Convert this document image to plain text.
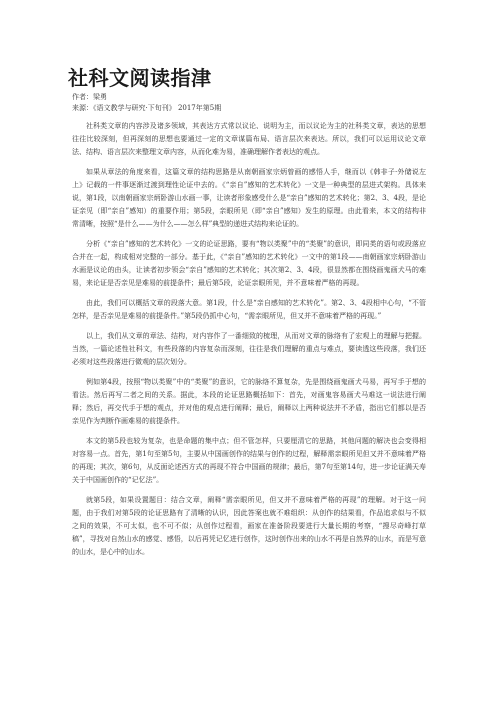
社科文阅读指津
作者：梁勇
来源：《语文教学与研究·下旬刊》 2017年第5期

社科类文章的内容涉及诸多领域，其表达方式常以议论、说明为主，而以议论为主的社科类文章，表达的思想往往比较深刻，但再深刻的思想也要通过一定的文章谋篇布局、语言层次来表达。所以，我们可以运用议论文章法、结构、语言层次来整理文章内容，从而化难为易，准确理解作者表达的观点。

如果从章法的角度来看，这篇文章的结构思路是从南朝画家宗炳曾画的感悟人手，继而以《韩非子·外储说左上》记载的一件事逐渐过渡到理性论证中去的。《“亲自”感知的艺术转化》一文是一种典型的层进式架构。具体来说，第1段，以南朝画家宗炳卧游山水画一事，让读者形象感受什么是“亲自”感知的艺术转化；第2、3、4段，是论证亲见（即“亲自”感知）的重要作用；第5段，亲眼所见（即“亲自”感知）发生的原理。由此看来，本文的结构非常清晰，按照“是什么——为什么——怎么样”典型的递进式结构来论证的。

分析《“亲自”感知的艺术转化》一文的论证思路，要有“物以类聚”中的“类聚”的意识，即同类的语句或段落应合并在一起，构成相对完整的一部分。基于此，《“亲自”感知的艺术转化》一文中的第1段——南朝画家宗炳卧游山水画是议论的由头，让读者初步领会“亲自”感知的艺术转化；其次第2、3、4段，很显然都在围绕画鬼画犬马的难易，来论证是否亲见是难易的前提条件；最后第5段，论证亲眼所见，并不意味着严格的再现。

由此，我们可以概括文章的段落大意。第1段，什么是“亲自感知的艺术转化”。第2、3、4段相中心句，“不管怎样，是否亲见是难易的前提条件。”第5段仍抓中心句，“需亲眼所见，但又并不意味着严格的再现。”

以上，我们从文章的章法、结构，对内容作了一番细致的梳理，从而对文章的脉络有了宏观上的理解与把握。当然，一篇论述性社科文，有些段落的内容复杂而深刻，往往是我们理解的重点与难点，要读透这些段落，我们还必须对这些段落进行微观的层次划分。

例如第4段，按照“物以类聚”中的“类聚”的意识，它的脉络不算复杂，先是围绕画鬼画犬马易，再写手于想的看法。然后再写二者之间的关系。据此，本段的论证思路概括如下：首先，对画鬼容易画犬马难这一说法进行阐释；然后，再交代手于想的观点，并对他的观点进行阐释；最后，阐释以上两种说法并不矛盾，指出它们都以是否亲见作为判断作画难易的前提条件。

本文的第5段也较为复杂，也是命题的集中点；但不管怎样，只要厘清它的思路，其他问题的解决也会变得相对容易一点。首先，第1句至第5句，主要从中国画创作的结果与创作的过程，解释需亲眼所见但又并不意味着严格的再现；其次，第6句，从反面论述西方式的再现不符合中国画的规律；最后，第7句至第14句，进一步论证满天寿关于中国画创作的“记忆法”。

就第5段，如果设置题目：结合文章，阐释“需亲眼所见，但又并不意味着严格的再现”的理解。对于这一问题，由于我们对第5段的论证思路有了清晰的认识，因此答案也就不难组织：从创作的结果看，作品追求似与不似之间的效果，不可太似，也不可不似；从创作过程看，画家在准备阶段要进行大量长期的考察，“搜尽奇峰打草稿”，寻找对自然山水的感觉、感悟，以后再凭记忆进行创作，这时创作出来的山水不再是自然界的山水，而是写意的山水，是心中的山水。
